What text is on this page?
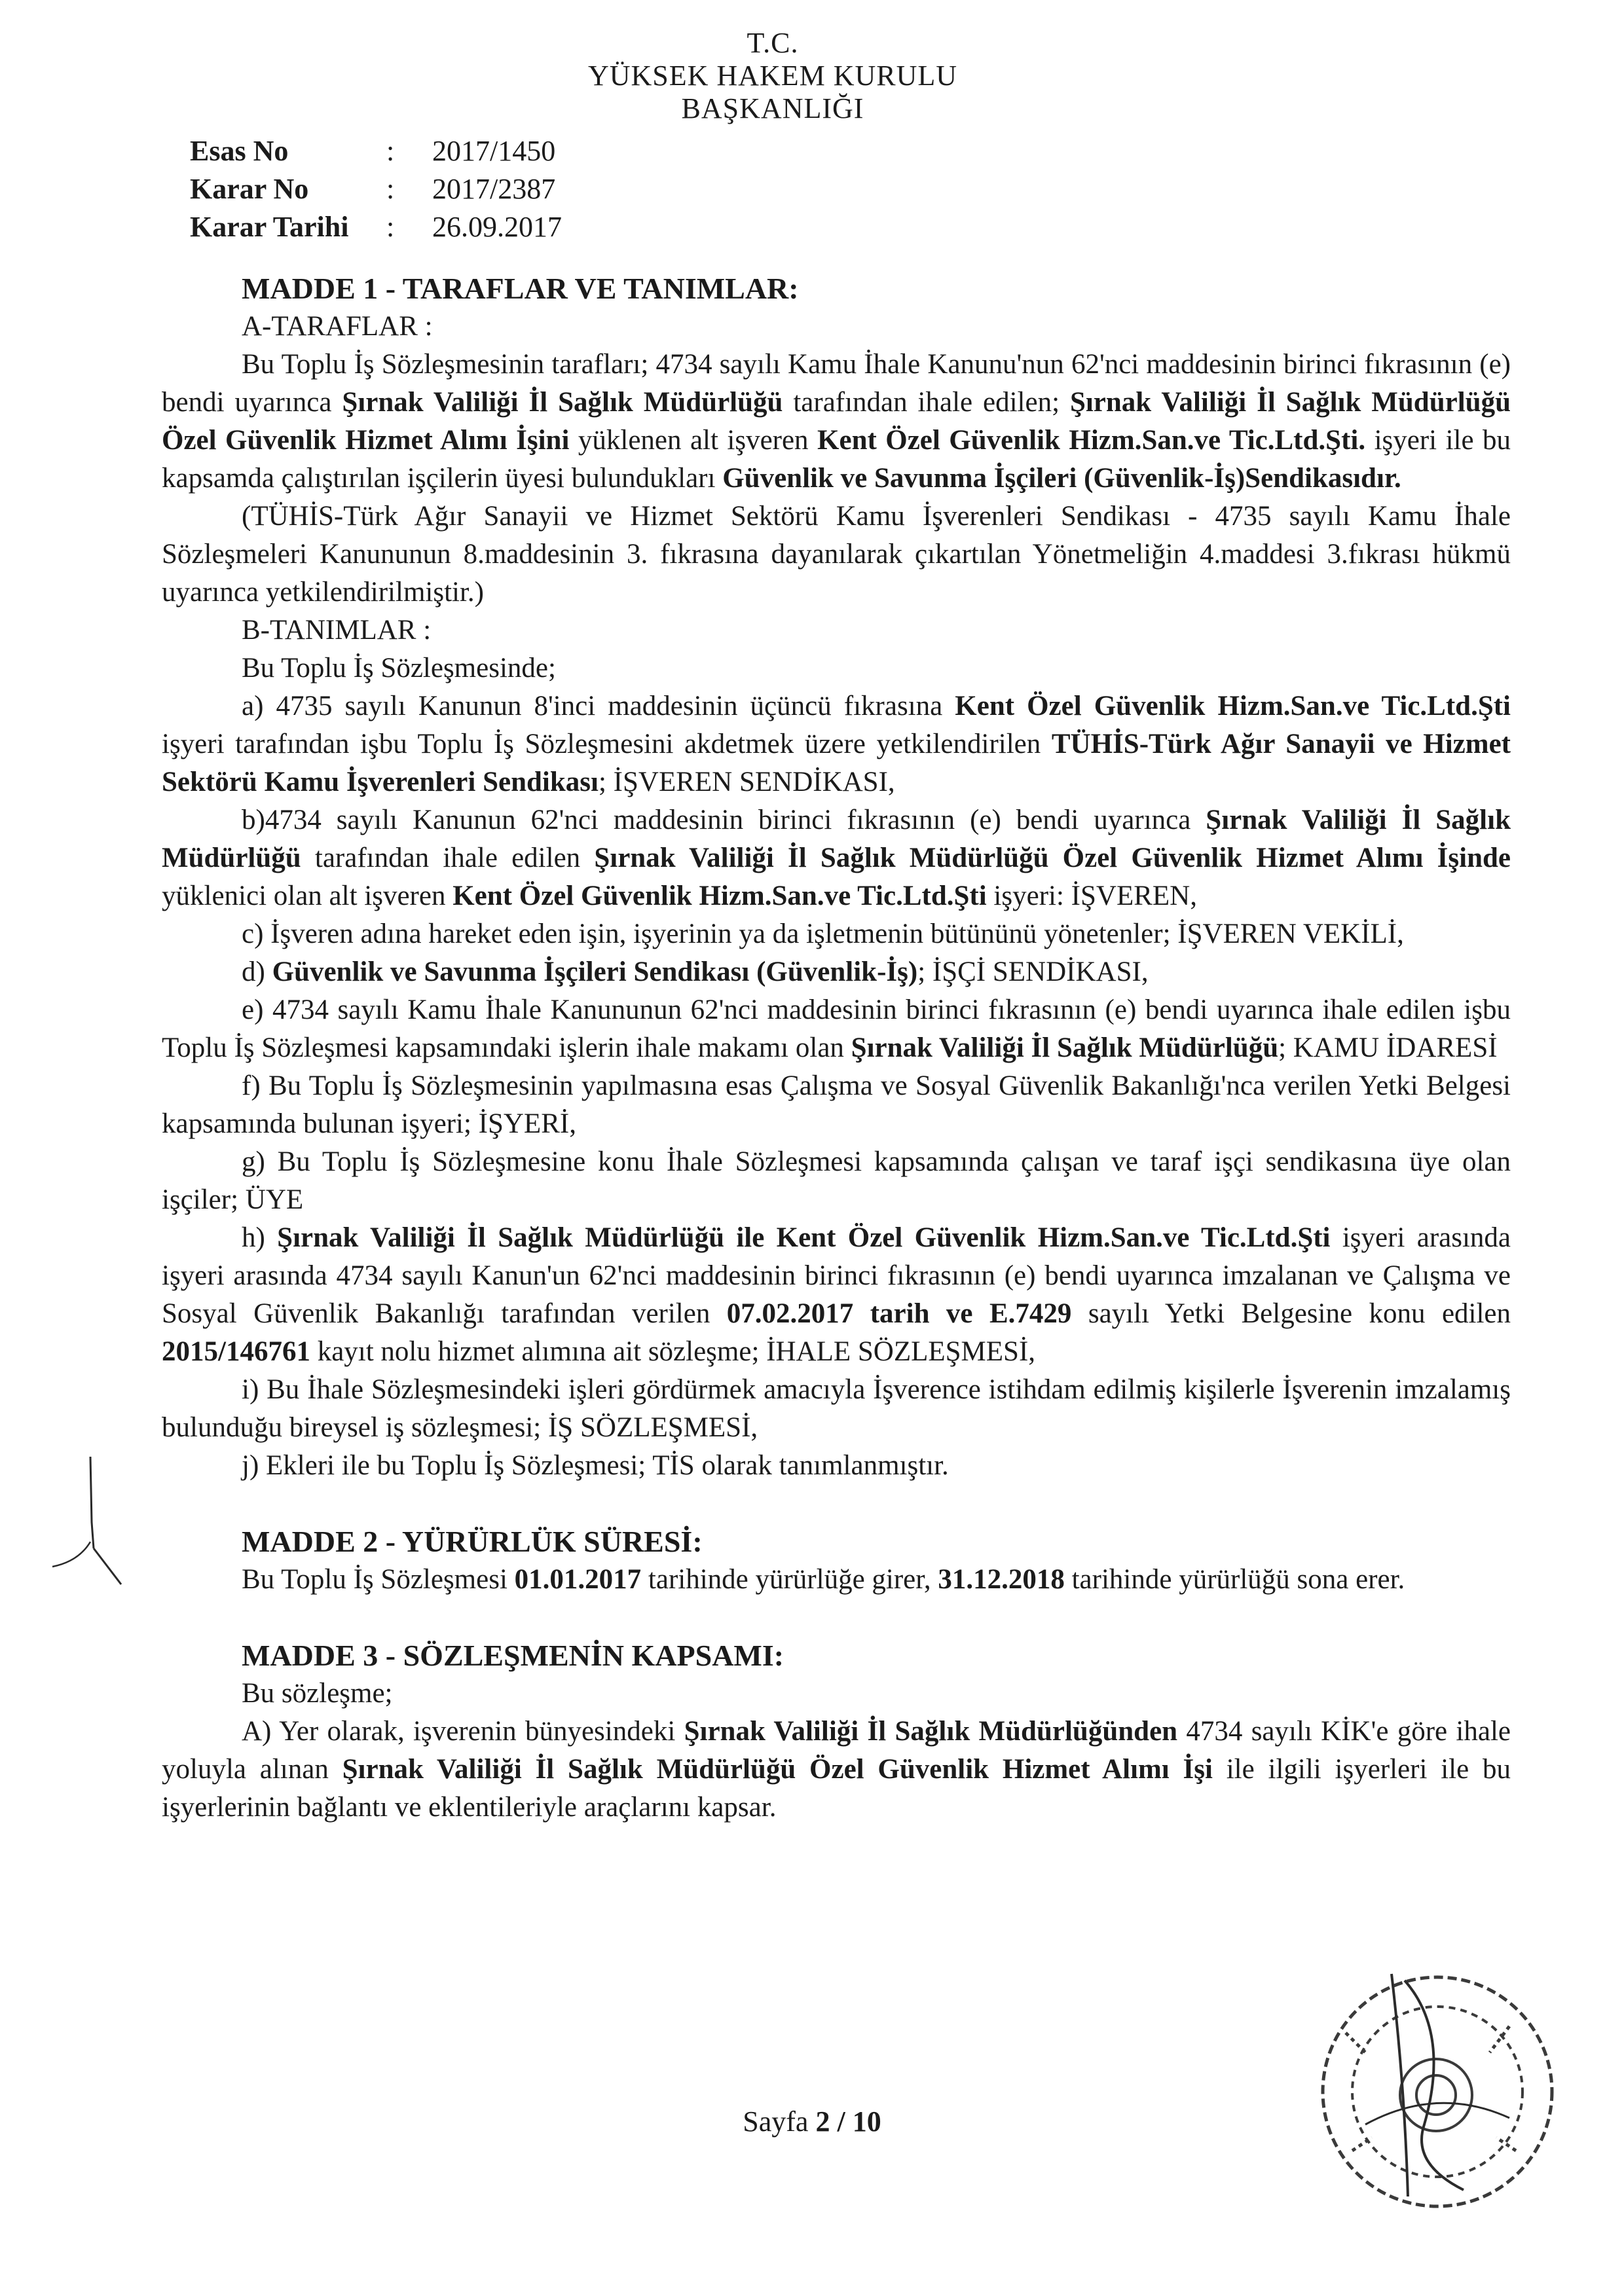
T.C.
YÜKSEK HAKEM KURULU
BAŞKANLIĞI
Esas No	:	2017/1450
Karar No	:	2017/2387
Karar Tarihi	:	26.09.2017
MADDE 1 - TARAFLAR VE TANIMLAR:
A-TARAFLAR :

Bu Toplu İş Sözleşmesinin tarafları; 4734 sayılı Kamu İhale Kanunu'nun 62'nci maddesinin birinci fıkrasının (e) bendi uyarınca Şırnak Valiliği İl Sağlık Müdürlüğü tarafından ihale edilen; Şırnak Valiliği İl Sağlık Müdürlüğü Özel Güvenlik Hizmet Alımı İşini yüklenen alt işveren Kent Özel Güvenlik Hizm.San.ve Tic.Ltd.Şti. işyeri ile bu kapsamda çalıştırılan işçilerin üyesi bulundukları Güvenlik ve Savunma İşçileri (Güvenlik-İş)Sendikasıdır.

(TÜHİS-Türk Ağır Sanayii ve Hizmet Sektörü Kamu İşverenleri Sendikası - 4735 sayılı Kamu İhale Sözleşmeleri Kanununun 8.maddesinin 3. fıkrasına dayanılarak çıkartılan Yönetmeliğin 4.maddesi 3.fıkrası hükmü uyarınca yetkilendirilmiştir.)

B-TANIMLAR :
Bu Toplu İş Sözleşmesinde;

a) 4735 sayılı Kanunun 8'inci maddesinin üçüncü fıkrasına Kent Özel Güvenlik Hizm.San.ve Tic.Ltd.Şti işyeri tarafından işbu Toplu İş Sözleşmesini akdetmek üzere yetkilendirilen TÜHİS-Türk Ağır Sanayii ve Hizmet Sektörü Kamu İşverenleri Sendikası; İŞVEREN SENDİKASI,

b)4734 sayılı Kanunun 62'nci maddesinin birinci fıkrasının (e) bendi uyarınca Şırnak Valiliği İl Sağlık Müdürlüğü tarafından ihale edilen Şırnak Valiliği İl Sağlık Müdürlüğü Özel Güvenlik Hizmet Alımı İşinde yüklenici olan alt işveren Kent Özel Güvenlik Hizm.San.ve Tic.Ltd.Şti işyeri: İŞVEREN,

c) İşveren adına hareket eden işin, işyerinin ya da işletmenin bütününü yönetenler; İŞVEREN VEKİLİ,

d) Güvenlik ve Savunma İşçileri Sendikası (Güvenlik-İş); İŞÇİ SENDİKASI,

e) 4734 sayılı Kamu İhale Kanununun 62'nci maddesinin birinci fıkrasının (e) bendi uyarınca ihale edilen işbu Toplu İş Sözleşmesi kapsamındaki işlerin ihale makamı olan Şırnak Valiliği İl Sağlık Müdürlüğü; KAMU İDARESİ

f) Bu Toplu İş Sözleşmesinin yapılmasına esas Çalışma ve Sosyal Güvenlik Bakanlığı'nca verilen Yetki Belgesi kapsamında bulunan işyeri; İŞYERİ,

g) Bu Toplu İş Sözleşmesine konu İhale Sözleşmesi kapsamında çalışan ve taraf işçi sendikasına üye olan işçiler; ÜYE

h) Şırnak Valiliği İl Sağlık Müdürlüğü ile Kent Özel Güvenlik Hizm.San.ve Tic.Ltd.Şti işyeri arasında işyeri arasında 4734 sayılı Kanun'un 62'nci maddesinin birinci fıkrasının (e) bendi uyarınca imzalanan ve Çalışma ve Sosyal Güvenlik Bakanlığı tarafından verilen 07.02.2017 tarih ve E.7429 sayılı Yetki Belgesine konu edilen 2015/146761 kayıt nolu hizmet alımına ait sözleşme; İHALE SÖZLEŞMESİ,

i) Bu İhale Sözleşmesindeki işleri gördürmek amacıyla İşverence istihdam edilmiş kişilerle İşverenin imzalamış bulunduğu bireysel iş sözleşmesi; İŞ SÖZLEŞMESİ,

j) Ekleri ile bu Toplu İş Sözleşmesi; TİS olarak tanımlanmıştır.

MADDE 2 - YÜRÜRLÜK SÜRESİ:

Bu Toplu İş Sözleşmesi 01.01.2017 tarihinde yürürlüğe girer, 31.12.2018 tarihinde yürürlüğü sona erer.

MADDE 3 - SÖZLEŞMENİN KAPSAMI:
Bu sözleşme;

A) Yer olarak, işverenin bünyesindeki Şırnak Valiliği İl Sağlık Müdürlüğünden 4734 sayılı KİK'e göre ihale yoluyla alınan Şırnak Valiliği İl Sağlık Müdürlüğü Özel Güvenlik Hizmet Alımı İşi ile ilgili işyerleri ile bu işyerlerinin bağlantı ve eklentileriyle araçlarını kapsar.

Sayfa 2 / 10
